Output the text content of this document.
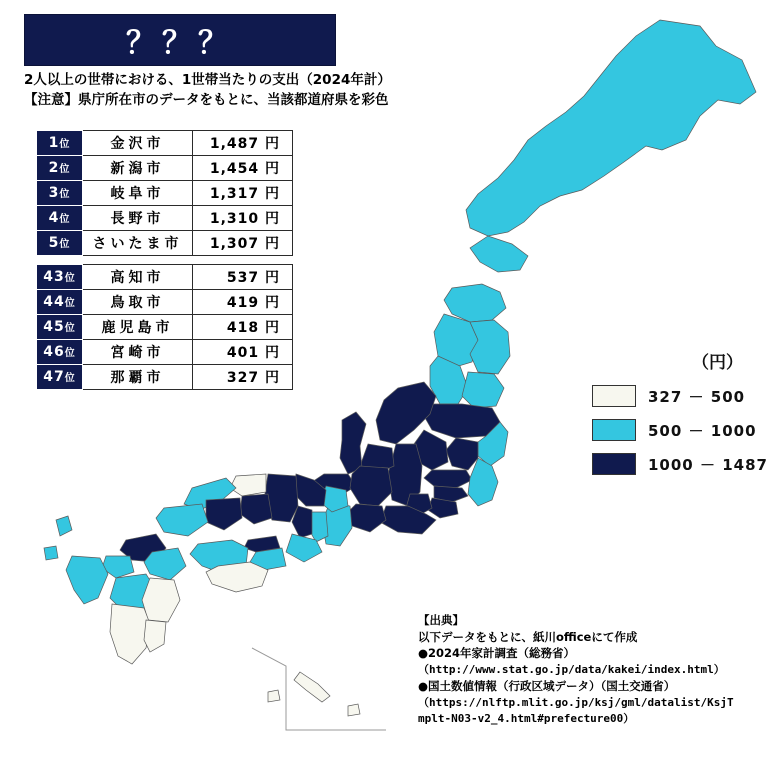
？？？
2人以上の世帯における、1世帯当たりの支出（2024年計）
【注意】県庁所在市のデータをもとに、当該都道府県を彩色
1位	金沢市	1,487 円
2位	新潟市	1,454 円
3位	岐阜市	1,317 円
4位	長野市	1,310 円
5位	さいたま市	1,307 円
43位	高知市	537 円
44位	鳥取市	419 円
45位	鹿児島市	418 円
46位	宮崎市	401 円
47位	那覇市	327 円
（円）
327 － 500
500 － 1000
1000 － 1487
【出典】
以下データをもとに、紙川officeにて作成
●2024年家計調査（総務省）
（http://www.stat.go.jp/data/kakei/index.html）
●国土数値情報（行政区域データ）（国土交通省）
（https://nlftp.mlit.go.jp/ksj/gml/datalist/KsjT
mplt-N03-v2_4.html#prefecture00）
